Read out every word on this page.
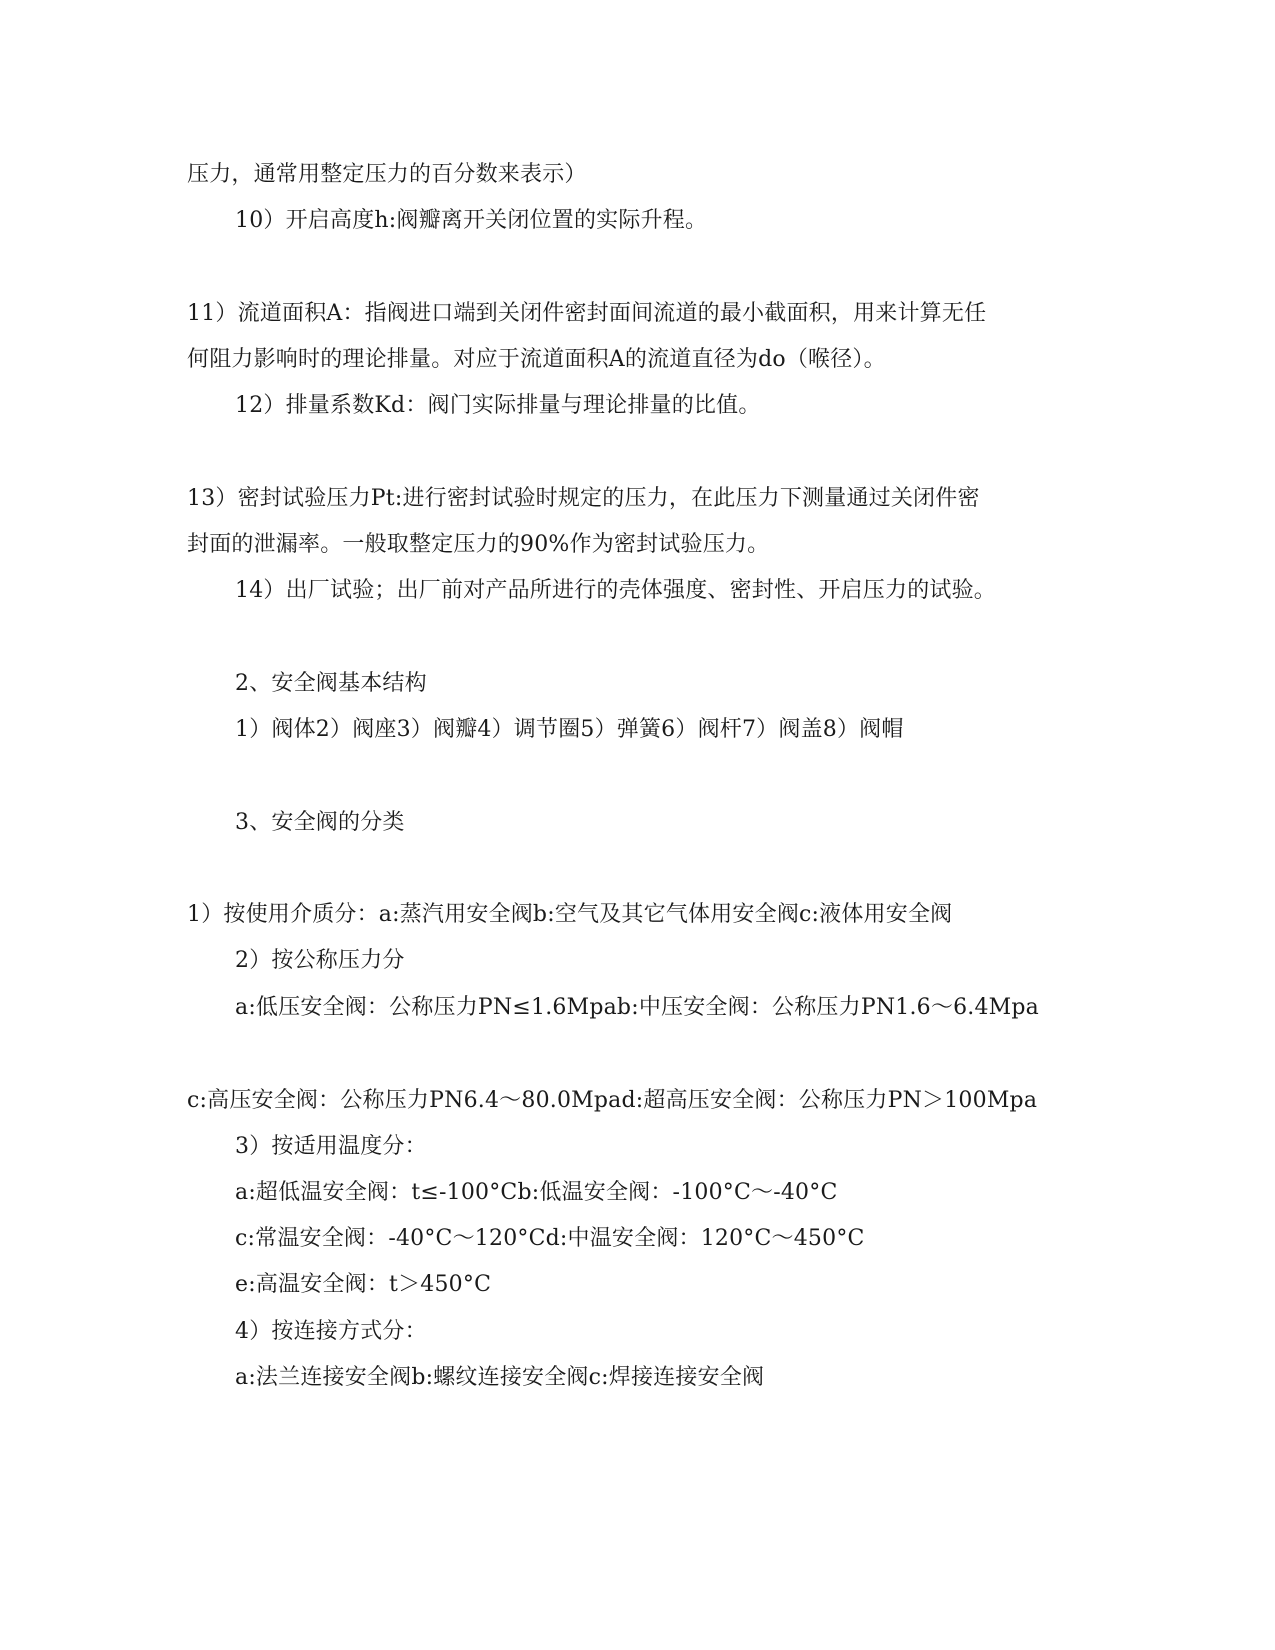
压力，通常用整定压力的百分数来表示）
10）开启高度h:阀瓣离开关闭位置的实际升程。
11）流道面积A：指阀进口端到关闭件密封面间流道的最小截面积，用来计算无任
何阻力影响时的理论排量。对应于流道面积A的流道直径为do（喉径）。
12）排量系数Kd：阀门实际排量与理论排量的比值。
13）密封试验压力Pt:进行密封试验时规定的压力，在此压力下测量通过关闭件密
封面的泄漏率。一般取整定压力的90%作为密封试验压力。
14）出厂试验；出厂前对产品所进行的壳体强度、密封性、开启压力的试验。
2、安全阀基本结构
1）阀体2）阀座3）阀瓣4）调节圈5）弹簧6）阀杆7）阀盖8）阀帽
3、安全阀的分类
1）按使用介质分：a:蒸汽用安全阀b:空气及其它气体用安全阀c:液体用安全阀
2）按公称压力分
a:低压安全阀：公称压力PN≤1.6Mpab:中压安全阀：公称压力PN1.6～6.4Mpa
c:高压安全阀：公称压力PN6.4～80.0Mpad:超高压安全阀：公称压力PN＞100Mpa
3）按适用温度分：
a:超低温安全阀：t≤-100°Cb:低温安全阀：-100°C～-40°C
c:常温安全阀：-40°C～120°Cd:中温安全阀：120°C～450°C
e:高温安全阀：t＞450°C
4）按连接方式分：
a:法兰连接安全阀b:螺纹连接安全阀c:焊接连接安全阀
